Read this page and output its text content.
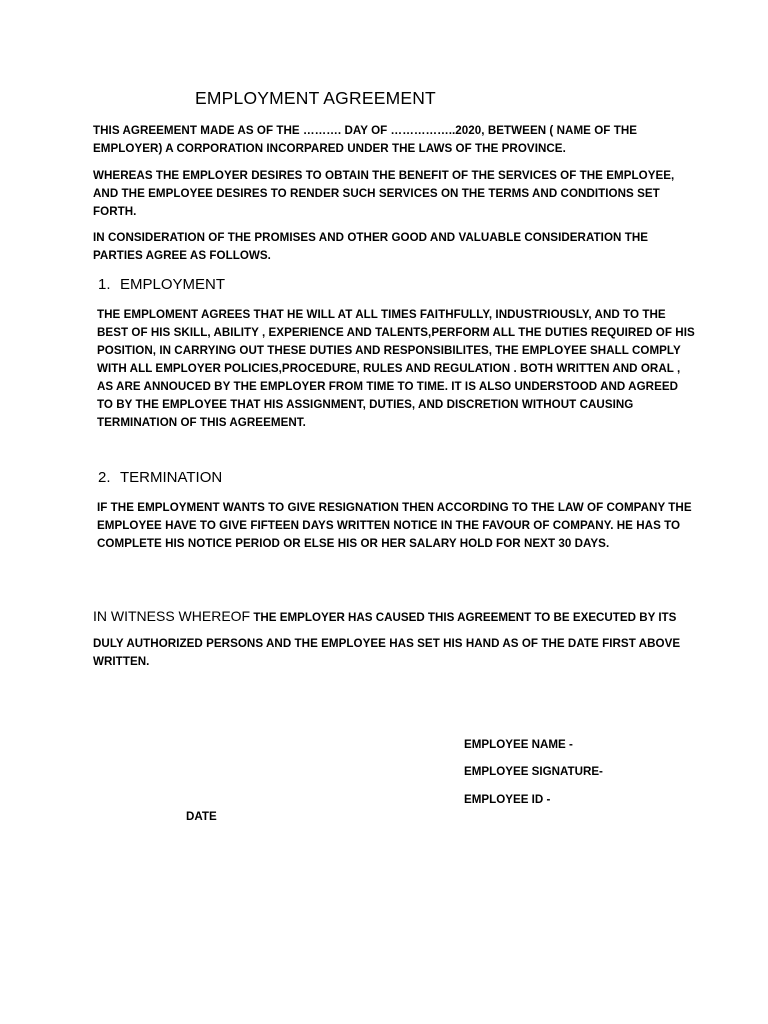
EMPLOYMENT AGREEMENT

THIS AGREEMENT MADE AS OF THE ………. DAY OF ……………..2020, BETWEEN ( NAME OF THE EMPLOYER) A CORPORATION INCORPARED UNDER THE LAWS OF THE PROVINCE.

WHEREAS THE EMPLOYER DESIRES TO OBTAIN THE BENEFIT OF THE SERVICES OF THE EMPLOYEE, AND THE EMPLOYEE DESIRES TO RENDER SUCH SERVICES ON THE TERMS AND CONDITIONS SET FORTH.

IN CONSIDERATION OF THE PROMISES AND OTHER GOOD AND VALUABLE CONSIDERATION THE PARTIES AGREE AS FOLLOWS.

1. EMPLOYMENT

THE EMPLOMENT AGREES THAT HE WILL AT ALL TIMES FAITHFULLY, INDUSTRIOUSLY, AND TO THE BEST OF HIS SKILL, ABILITY , EXPERIENCE AND TALENTS,PERFORM ALL THE DUTIES REQUIRED OF HIS POSITION, IN CARRYING OUT THESE DUTIES AND RESPONSIBILITES, THE EMPLOYEE SHALL COMPLY WITH ALL EMPLOYER POLICIES,PROCEDURE, RULES AND REGULATION . BOTH WRITTEN AND ORAL , AS ARE ANNOUCED BY THE EMPLOYER FROM TIME TO TIME. IT IS ALSO UNDERSTOOD AND AGREED TO BY THE EMPLOYEE THAT HIS ASSIGNMENT, DUTIES, AND DISCRETION WITHOUT CAUSING TERMINATION OF THIS AGREEMENT.

2. TERMINATION

IF THE EMPLOYMENT WANTS TO GIVE RESIGNATION THEN ACCORDING TO THE LAW OF COMPANY THE EMPLOYEE HAVE TO GIVE FIFTEEN DAYS WRITTEN NOTICE IN THE FAVOUR OF COMPANY. HE HAS TO COMPLETE HIS NOTICE PERIOD OR ELSE HIS OR HER SALARY HOLD FOR NEXT 30 DAYS.

IN WITNESS WHEREOF THE EMPLOYER HAS CAUSED THIS AGREEMENT TO BE EXECUTED BY ITS

DULY AUTHORIZED PERSONS AND THE EMPLOYEE HAS SET HIS HAND AS OF THE DATE FIRST ABOVE WRITTEN.

EMPLOYEE NAME -
EMPLOYEE SIGNATURE-
EMPLOYEE ID -
DATE
